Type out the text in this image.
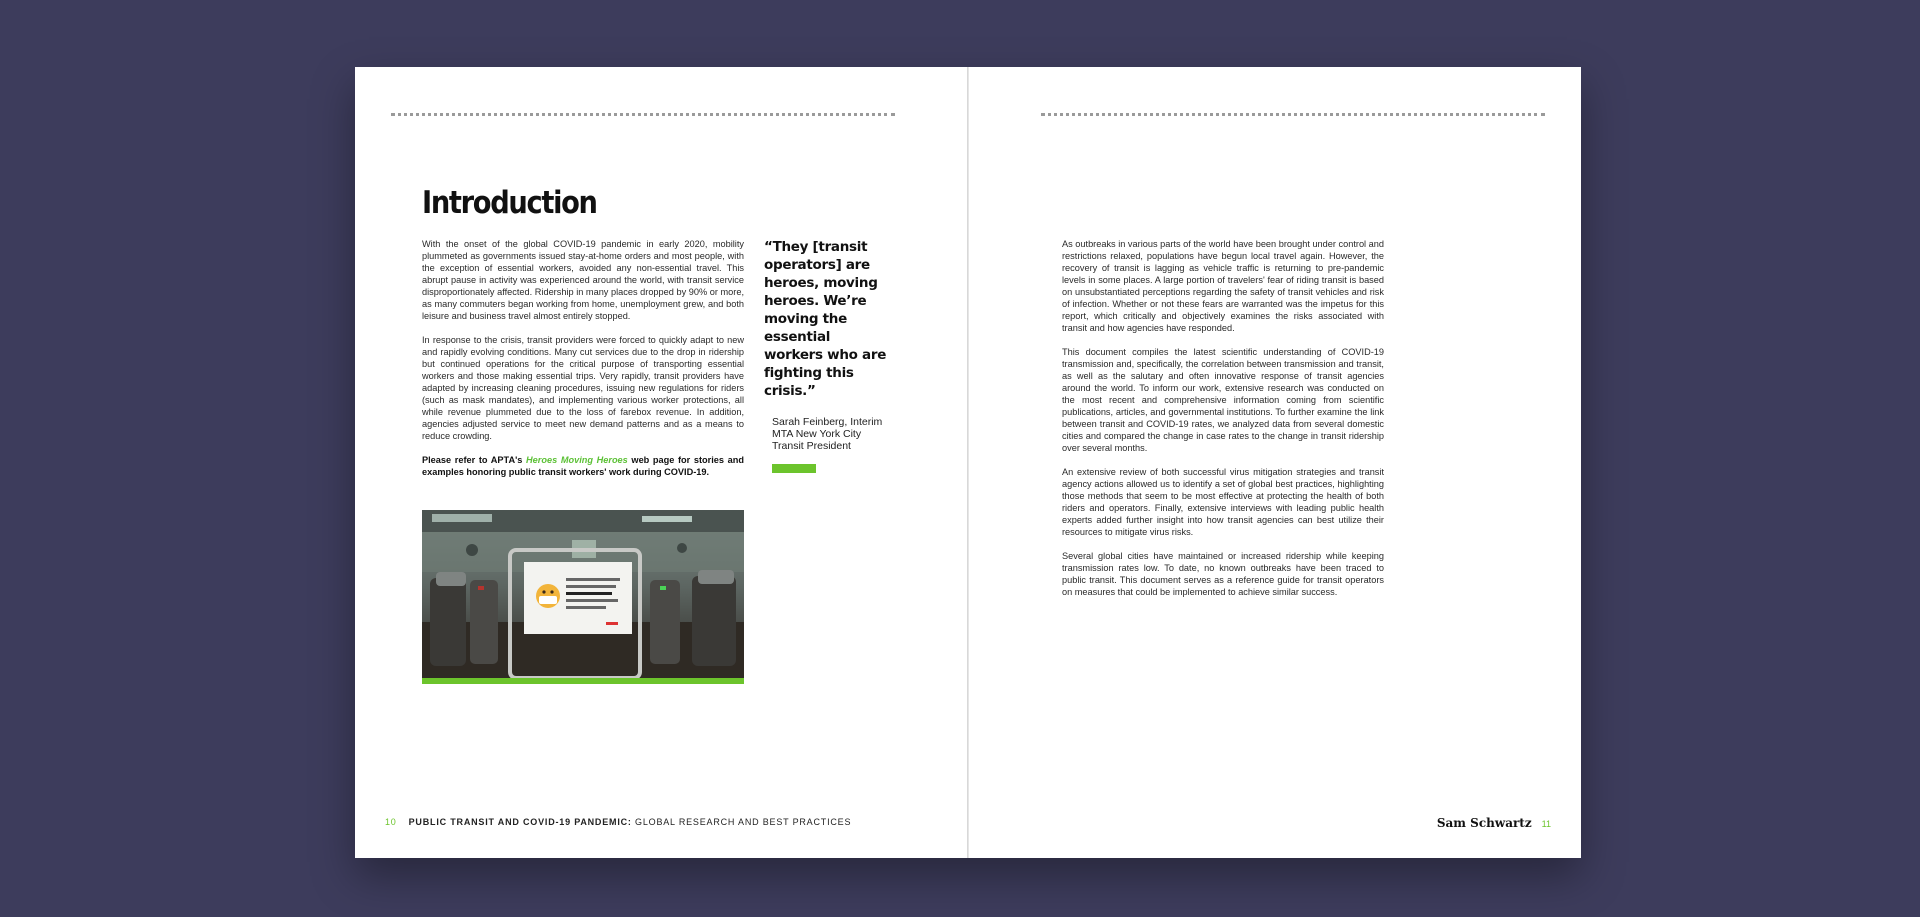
Introduction

With the onset of the global COVID-19 pandemic in early 2020, mobility plummeted as governments issued stay-at-home orders and most people, with the exception of essential workers, avoided any non-essential travel. This abrupt pause in activity was experienced around the world, with transit service disproportionately affected. Ridership in many places dropped by 90% or more, as many commuters began working from home, unemployment grew, and both leisure and business travel almost entirely stopped.

In response to the crisis, transit providers were forced to quickly adapt to new and rapidly evolving conditions. Many cut services due to the drop in ridership but continued operations for the critical purpose of transporting essential workers and those making essential trips. Very rapidly, transit providers have adapted by increasing cleaning procedures, issuing new regulations for riders (such as mask mandates), and implementing various worker protections, all while revenue plummeted due to the loss of farebox revenue. In addition, agencies adjusted service to meet new demand patterns and as a means to reduce crowding.

Please refer to APTA's Heroes Moving Heroes web page for stories and examples honoring public transit workers' work during COVID-19.

“They [transit operators] are heroes, moving heroes. We’re moving the essential workers who are fighting this crisis.”
Sarah Feinberg, Interim MTA New York City Transit President
10 PUBLIC TRANSIT AND COVID-19 PANDEMIC: GLOBAL RESEARCH AND BEST PRACTICES

As outbreaks in various parts of the world have been brought under control and restrictions relaxed, populations have begun local travel again. However, the recovery of transit is lagging as vehicle traffic is returning to pre-pandemic levels in some places. A large portion of travelers' fear of riding transit is based on unsubstantiated perceptions regarding the safety of transit vehicles and risk of infection. Whether or not these fears are warranted was the impetus for this report, which critically and objectively examines the risks associated with transit and how agencies have responded.

This document compiles the latest scientific understanding of COVID-19 transmission and, specifically, the correlation between transmission and transit, as well as the salutary and often innovative response of transit agencies around the world. To inform our work, extensive research was conducted on the most recent and comprehensive information coming from scientific publications, articles, and governmental institutions. To further examine the link between transit and COVID-19 rates, we analyzed data from several domestic cities and compared the change in case rates to the change in transit ridership over several months.

An extensive review of both successful virus mitigation strategies and transit agency actions allowed us to identify a set of global best practices, highlighting those methods that seem to be most effective at protecting the health of both riders and operators. Finally, extensive interviews with leading public health experts added further insight into how transit agencies can best utilize their resources to mitigate virus risks.

Several global cities have maintained or increased ridership while keeping transmission rates low. To date, no known outbreaks have been traced to public transit. This document serves as a reference guide for transit operators on measures that could be implemented to achieve similar success.

Sam Schwartz 11
